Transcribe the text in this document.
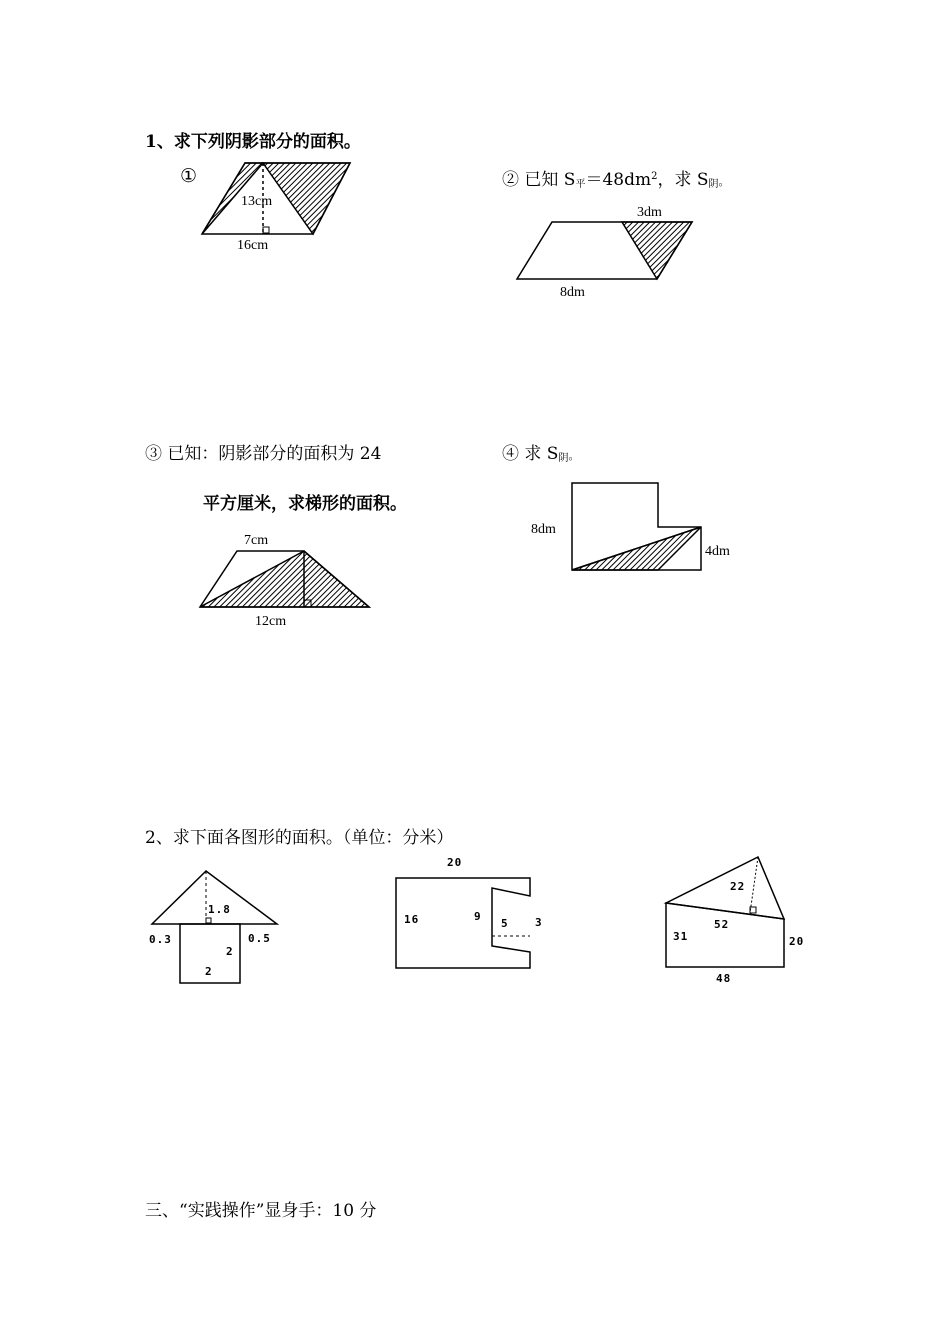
1、求下列阴影部分的面积。
①
13cm
16cm
② 已知 $S_平=48dm^2$，求 $S_阴$。
3dm
8dm
③ 已知：阴影部分的面积为 24
平方厘米，求梯形的面积。
7cm
12cm
④ 求 $S_阴$。
8dm
4dm
2、求下面各图形的面积。（单位：分米）
1.8
0.3	0.5
2
2
20
16	9
5 3
22
52
31	20
48
三、“实践操作”显身手：10 分
